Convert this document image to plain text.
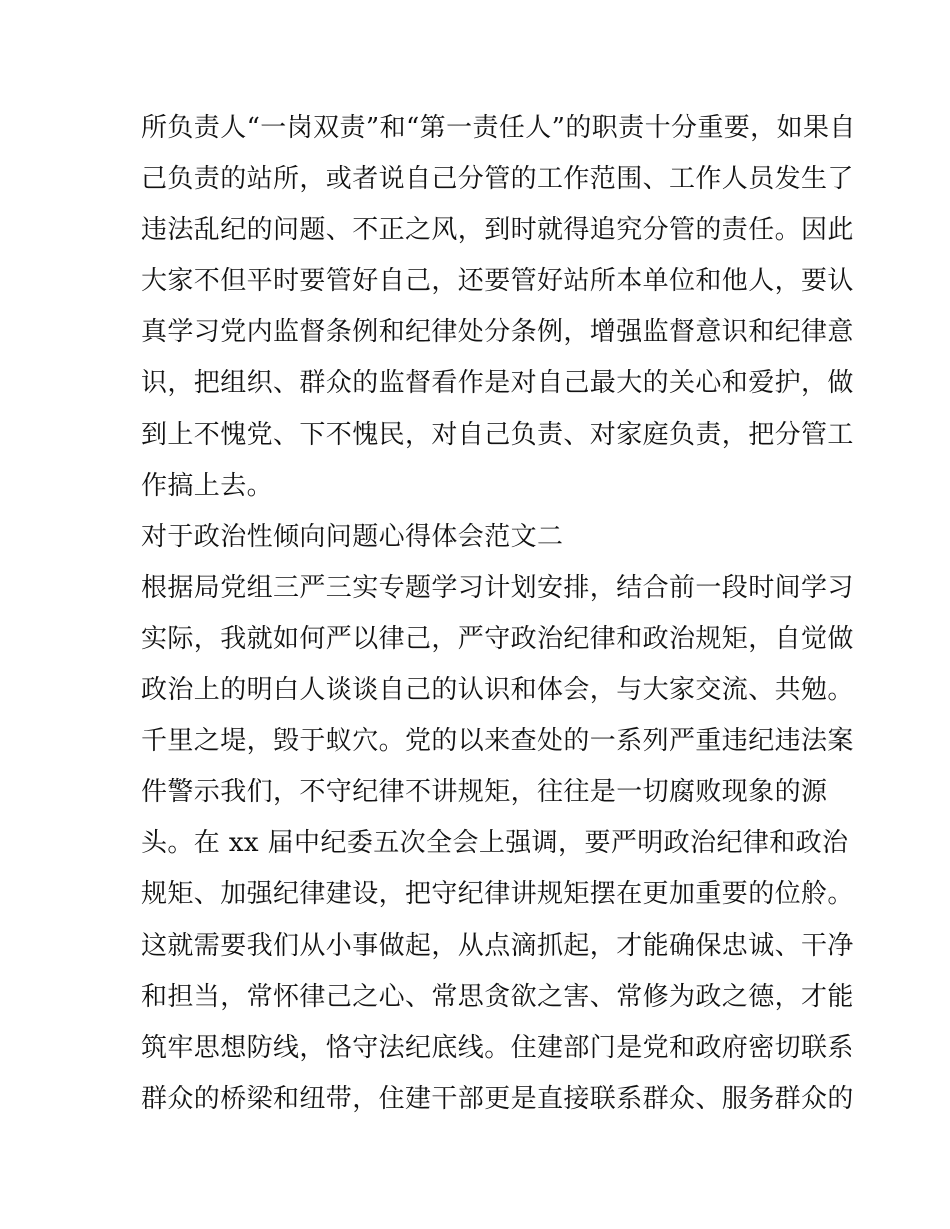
所负责人“一岗双责”和“第一责任人”的职责十分重要，如果自
己负责的站所，或者说自己分管的工作范围、工作人员发生了
违法乱纪的问题、不正之风，到时就得追究分管的责任。因此
大家不但平时要管好自己，还要管好站所本单位和他人，要认
真学习党内监督条例和纪律处分条例，增强监督意识和纪律意
识，把组织、群众的监督看作是对自己最大的关心和爱护，做
到上不愧党、下不愧民，对自己负责、对家庭负责，把分管工
作搞上去。
对于政治性倾向问题心得体会范文二
根据局党组三严三实专题学习计划安排，结合前一段时间学习
实际，我就如何严以律己，严守政治纪律和政治规矩，自觉做
政治上的明白人谈谈自己的认识和体会，与大家交流、共勉。
千里之堤，毁于蚁穴。党的以来查处的一系列严重违纪违法案
件警示我们，不守纪律不讲规矩，往往是一切腐败现象的源
头。在 xx 届中纪委五次全会上强调，要严明政治纪律和政治
规矩、加强纪律建设，把守纪律讲规矩摆在更加重要的位舲。
这就需要我们从小事做起，从点滴抓起，才能确保忠诚、干净
和担当，常怀律己之心、常思贪欲之害、常修为政之德，才能
筑牢思想防线，恪守法纪底线。住建部门是党和政府密切联系
群众的桥梁和纽带，住建干部更是直接联系群众、服务群众的
